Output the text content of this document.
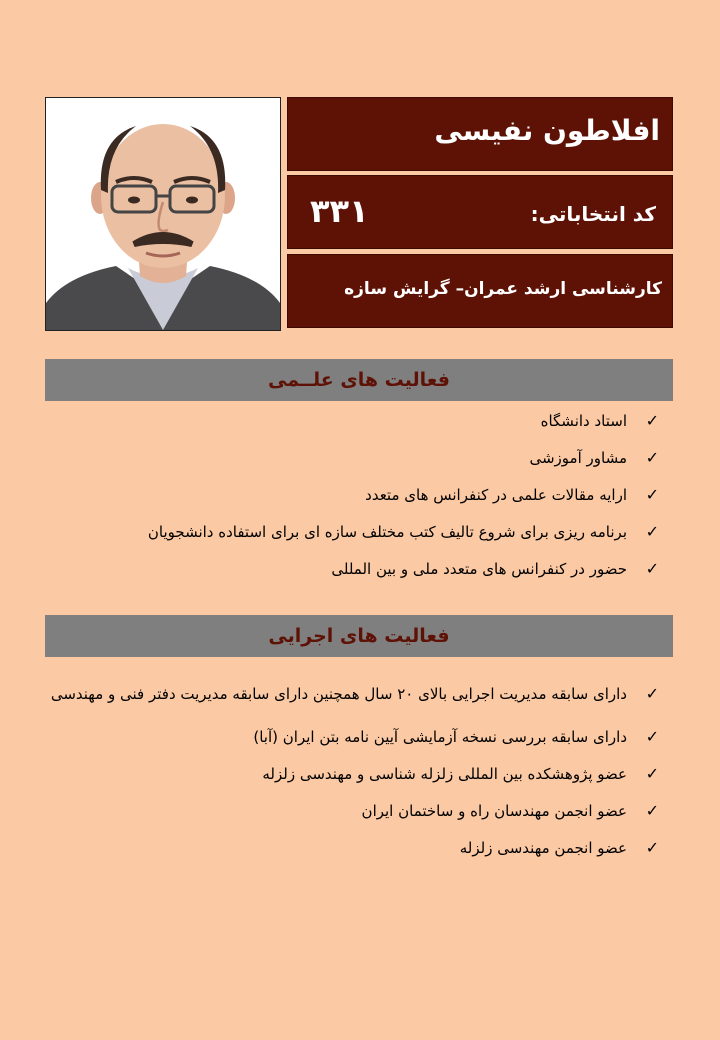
افلاطون نفیسی
کد انتخاباتی:
۳۳۱
کارشناسی ارشد عمران– گرایش سازه
فعالیت های علــمی
✓
استاد دانشگاه
✓
مشاور آموزشی
✓
ارایه مقالات علمی در کنفرانس های متعدد
✓
برنامه ریزی برای شروع تالیف کتب مختلف سازه ای برای استفاده دانشجویان
✓
حضور در کنفرانس های متعدد ملی و بین المللی
فعالیت های اجرایی
✓
دارای سابقه مدیریت اجرایی بالای ۲۰ سال همچنین دارای سابقه مدیریت دفتر فنی و مهندسی
✓
دارای سابقه بررسی نسخه آزمایشی آیین نامه بتن ایران (آبا)
✓
عضو پژوهشکده بین المللی زلزله شناسی و مهندسی زلزله
✓
عضو انجمن مهندسان راه و ساختمان ایران
✓
عضو انجمن مهندسی زلزله
